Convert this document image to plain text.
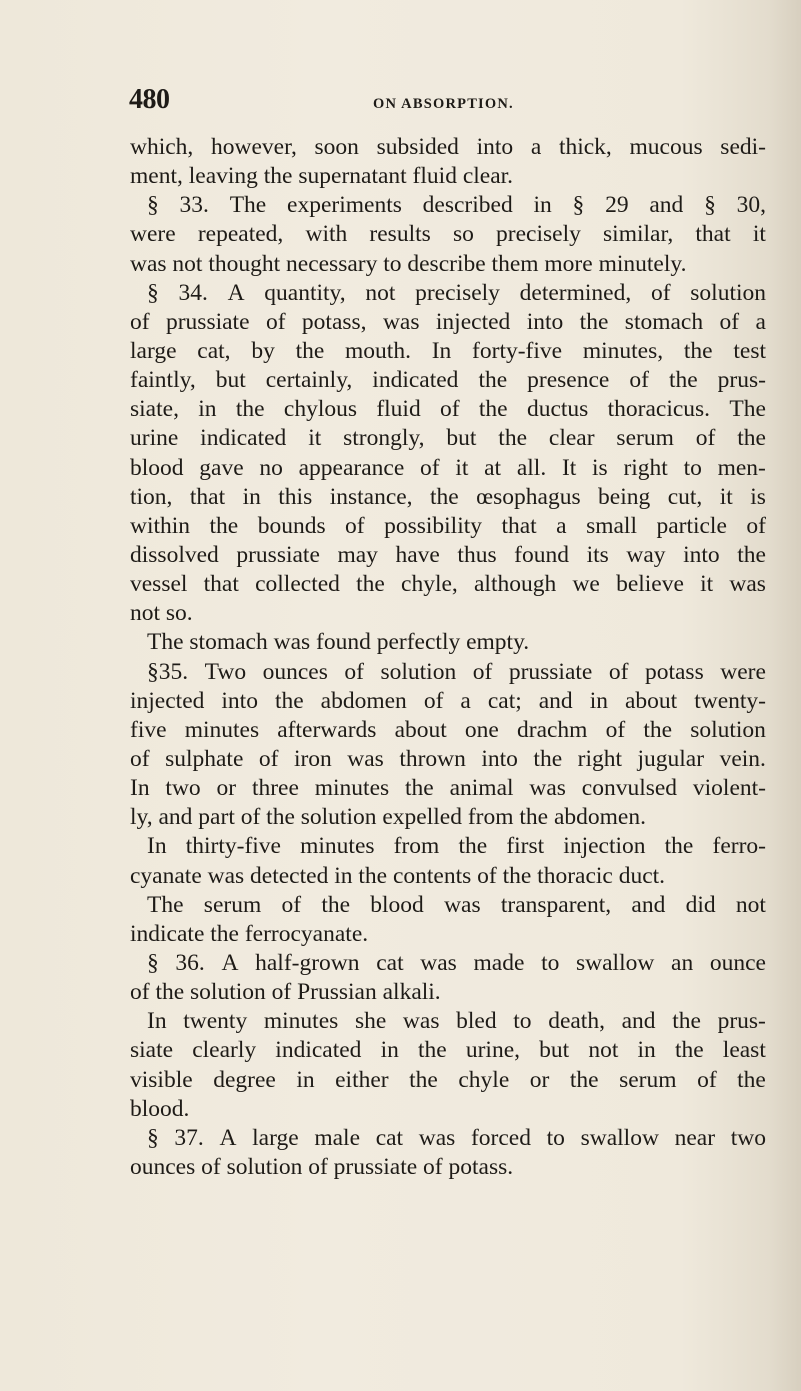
480	ON ABSORPTION.
which, however, soon subsided into a thick, mucous sedi-
ment, leaving the supernatant fluid clear.
§ 33. The experiments described in § 29 and § 30,
were repeated, with results so precisely similar, that it
was not thought necessary to describe them more minutely.
§ 34. A quantity, not precisely determined, of solution
of prussiate of potass, was injected into the stomach of a
large cat, by the mouth. In forty-five minutes, the test
faintly, but certainly, indicated the presence of the prus-
siate, in the chylous fluid of the ductus thoracicus. The
urine indicated it strongly, but the clear serum of the
blood gave no appearance of it at all. It is right to men-
tion, that in this instance, the œsophagus being cut, it is
within the bounds of possibility that a small particle of
dissolved prussiate may have thus found its way into the
vessel that collected the chyle, although we believe it was
not so.
The stomach was found perfectly empty.
§35. Two ounces of solution of prussiate of potass were
injected into the abdomen of a cat; and in about twenty-
five minutes afterwards about one drachm of the solution
of sulphate of iron was thrown into the right jugular vein.
In two or three minutes the animal was convulsed violent-
ly, and part of the solution expelled from the abdomen.
In thirty-five minutes from the first injection the ferro-
cyanate was detected in the contents of the thoracic duct.
The serum of the blood was transparent, and did not
indicate the ferrocyanate.
§ 36. A half-grown cat was made to swallow an ounce
of the solution of Prussian alkali.
In twenty minutes she was bled to death, and the prus-
siate clearly indicated in the urine, but not in the least
visible degree in either the chyle or the serum of the
blood.
§ 37. A large male cat was forced to swallow near two
ounces of solution of prussiate of potass.
